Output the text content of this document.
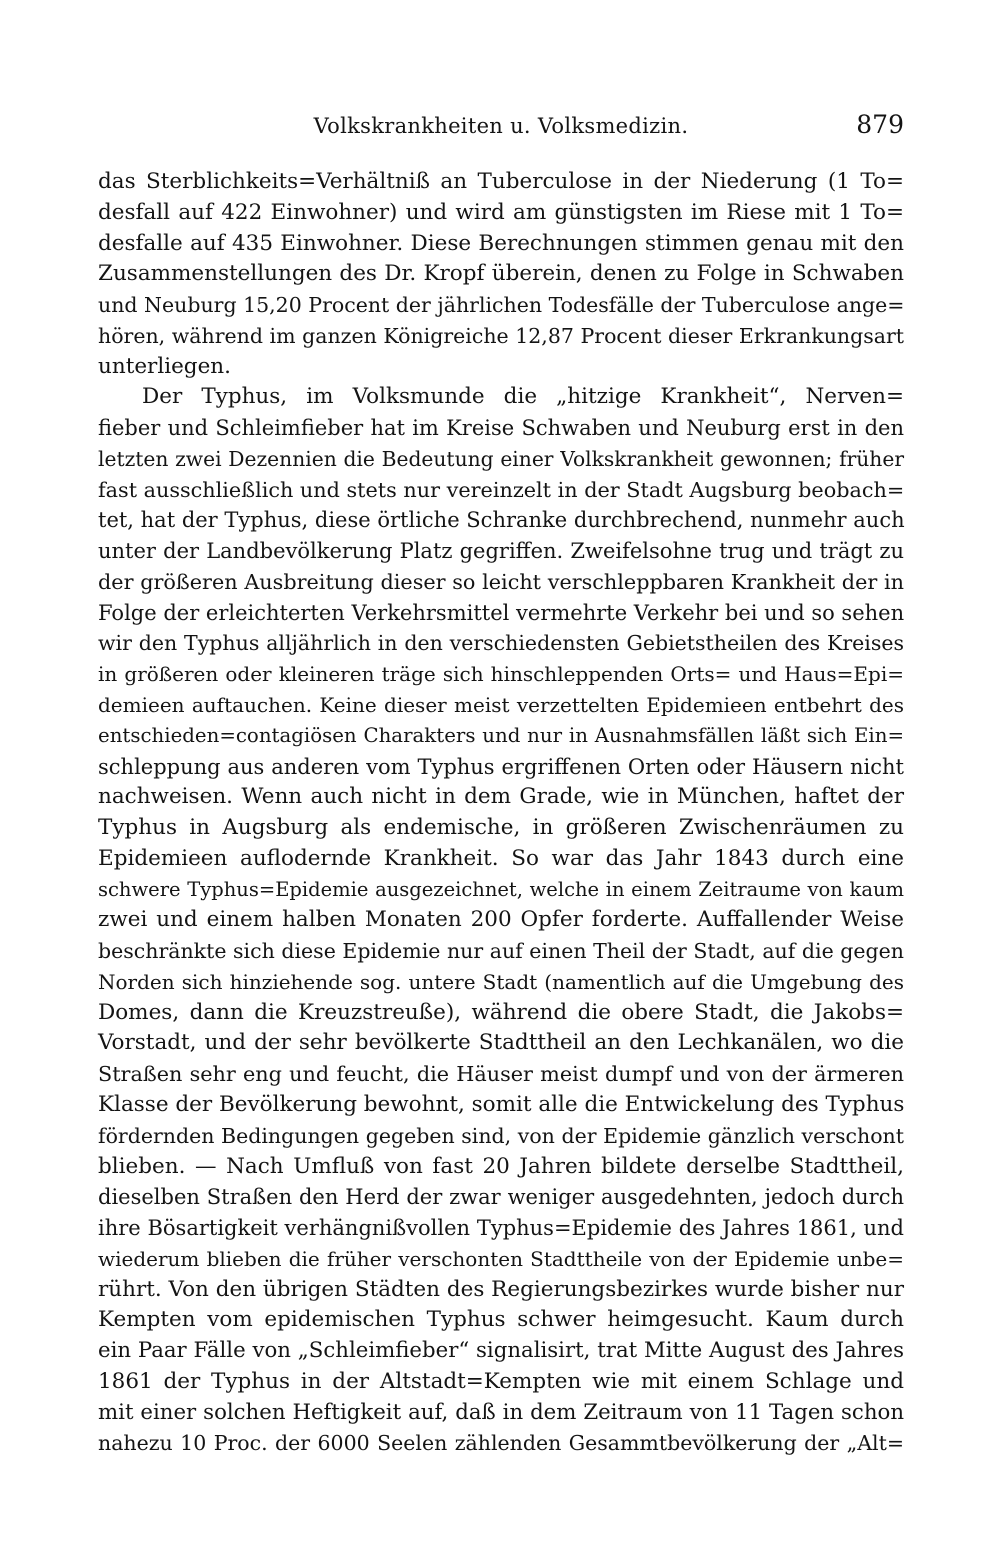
Volkskrankheiten u. Volksmedizin.	879
das Sterblichkeits=Verhältniß an Tuberculose in der Niederung (1 To=
desfall auf 422 Einwohner) und wird am günstigsten im Riese mit 1 To=
desfalle auf 435 Einwohner. Diese Berechnungen stimmen genau mit den
Zusammenstellungen des Dr. Kropf überein, denen zu Folge in Schwaben
und Neuburg 15,20 Procent der jährlichen Todesfälle der Tuberculose ange=
hören, während im ganzen Königreiche 12,87 Procent dieser Erkrankungsart
unterliegen.
Der Typhus, im Volksmunde die „hitzige Krankheit“, Nerven=
fieber und Schleimfieber hat im Kreise Schwaben und Neuburg erst in den
letzten zwei Dezennien die Bedeutung einer Volkskrankheit gewonnen; früher
fast ausschließlich und stets nur vereinzelt in der Stadt Augsburg beobach=
tet, hat der Typhus, diese örtliche Schranke durchbrechend, nunmehr auch
unter der Landbevölkerung Platz gegriffen. Zweifelsohne trug und trägt zu
der größeren Ausbreitung dieser so leicht verschleppbaren Krankheit der in
Folge der erleichterten Verkehrsmittel vermehrte Verkehr bei und so sehen
wir den Typhus alljährlich in den verschiedensten Gebietstheilen des Kreises
in größeren oder kleineren träge sich hinschleppenden Orts= und Haus=Epi=
demieen auftauchen. Keine dieser meist verzettelten Epidemieen entbehrt des
entschieden=contagiösen Charakters und nur in Ausnahmsfällen läßt sich Ein=
schleppung aus anderen vom Typhus ergriffenen Orten oder Häusern nicht
nachweisen. Wenn auch nicht in dem Grade, wie in München, haftet der
Typhus in Augsburg als endemische, in größeren Zwischenräumen zu
Epidemieen auflodernde Krankheit. So war das Jahr 1843 durch eine
schwere Typhus=Epidemie ausgezeichnet, welche in einem Zeitraume von kaum
zwei und einem halben Monaten 200 Opfer forderte. Auffallender Weise
beschränkte sich diese Epidemie nur auf einen Theil der Stadt, auf die gegen
Norden sich hinziehende sog. untere Stadt (namentlich auf die Umgebung des
Domes, dann die Kreuzstreuße), während die obere Stadt, die Jakobs=
Vorstadt, und der sehr bevölkerte Stadttheil an den Lechkanälen, wo die
Straßen sehr eng und feucht, die Häuser meist dumpf und von der ärmeren
Klasse der Bevölkerung bewohnt, somit alle die Entwickelung des Typhus
fördernden Bedingungen gegeben sind, von der Epidemie gänzlich verschont
blieben. — Nach Umfluß von fast 20 Jahren bildete derselbe Stadttheil,
dieselben Straßen den Herd der zwar weniger ausgedehnten, jedoch durch
ihre Bösartigkeit verhängnißvollen Typhus=Epidemie des Jahres 1861, und
wiederum blieben die früher verschonten Stadttheile von der Epidemie unbe=
rührt. Von den übrigen Städten des Regierungsbezirkes wurde bisher nur
Kempten vom epidemischen Typhus schwer heimgesucht. Kaum durch
ein Paar Fälle von „Schleimfieber“ signalisirt, trat Mitte August des Jahres
1861 der Typhus in der Altstadt=Kempten wie mit einem Schlage und
mit einer solchen Heftigkeit auf, daß in dem Zeitraum von 11 Tagen schon
nahezu 10 Proc. der 6000 Seelen zählenden Gesammtbevölkerung der „Alt=
